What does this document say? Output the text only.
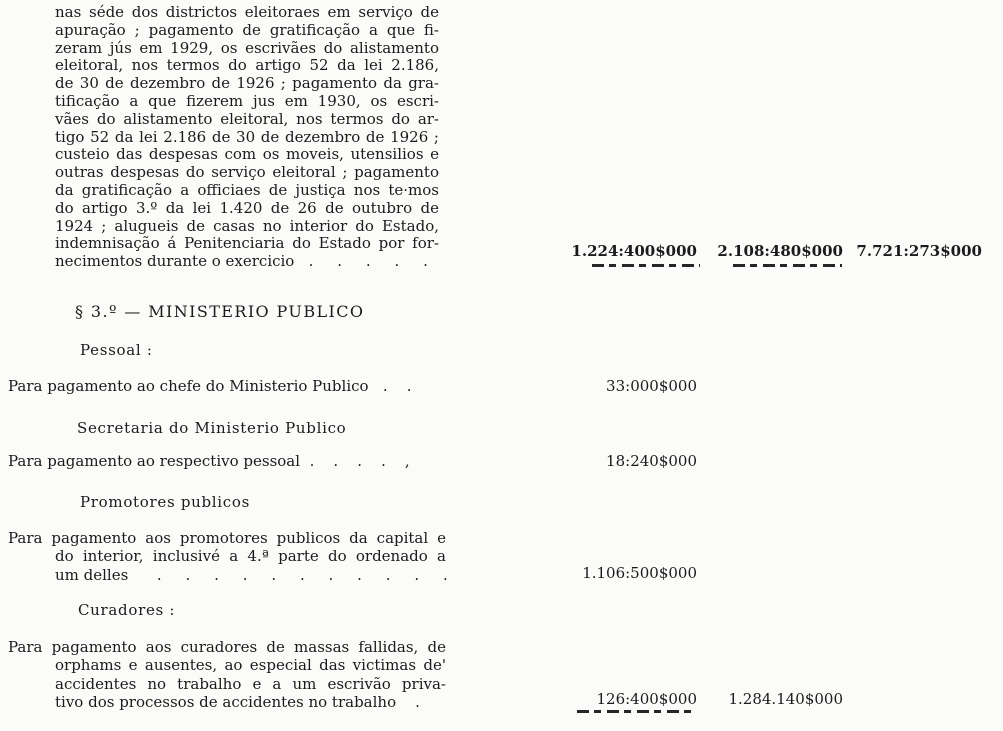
nas séde dos districtos eleitoraes em serviço de
apuração ; pagamento de gratificação a que fi-
zeram jús em 1929, os escrivães do alistamento
eleitoral, nos termos do artigo 52 da lei 2.186,
de 30 de dezembro de 1926 ; pagamento da gra-
tificação a que fizerem jus em 1930, os escri-
vães do alistamento eleitoral, nos termos do ar-
tigo 52 da lei 2.186 de 30 de dezembro de 1926 ;
custeio das despesas com os moveis, utensilios e
outras despesas do serviço eleitoral ; pagamento
da gratificação a officiaes de justiça nos te·mos
do artigo 3.º da lei 1.420 de 26 de outubro de
1924 ; alugueis de casas no interior do Estado,
indemnisação á Penitenciaria do Estado por for-
necimentos durante o exercicio   .     .     .     .     .
1.224:400$000	2.108:480$000 7.721:273$000
§ 3.º — MINISTERIO PUBLICO
Pessoal :
Para pagamento ao chefe do Ministerio Publico   .    .	33:000$000
Secretaria do Ministerio Publico
Para pagamento ao respectivo pessoal  .    .    .    .    ,	18:240$000
Promotores publicos
Para pagamento aos promotores publicos da capital e
do interior, inclusivé a 4.ª parte do ordenado a
um delles      .     .     .     .     .     .     .     .     .     .     .	1.106:500$000
Curadores :
Para pagamento aos curadores de massas fallidas, de
orphams e ausentes, ao especial das victimas de'
accidentes no trabalho e a um escrivão priva-
tivo dos processos de accidentes no trabalho    .	126:400$000	1.284.140$000
